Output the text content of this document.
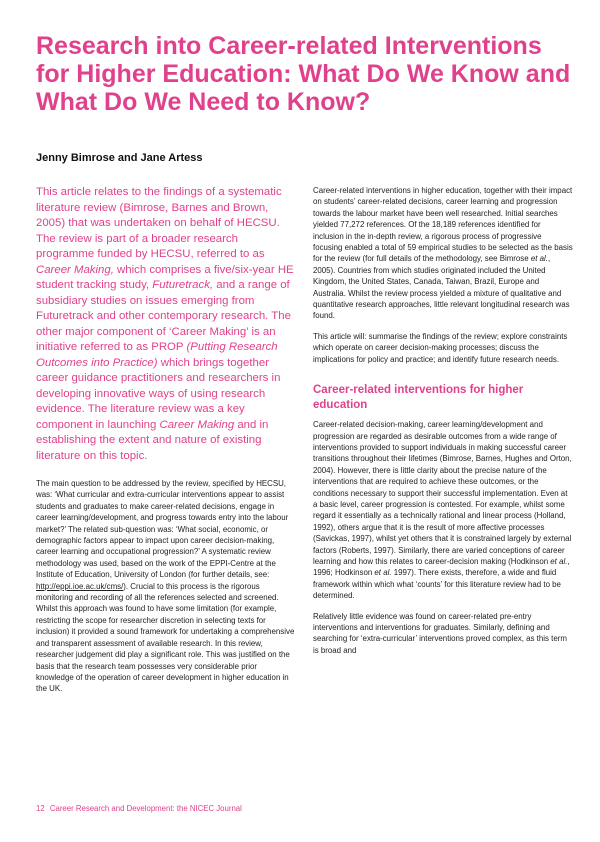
Research into Career-related Interventions for Higher Education: What Do We Know and What Do We Need to Know?

Jenny Bimrose and Jane Artess

This article relates to the findings of a systematic literature review (Bimrose, Barnes and Brown, 2005) that was undertaken on behalf of HECSU. The review is part of a broader research programme funded by HECSU, referred to as Career Making, which comprises a five/six-year HE student tracking study, Futuretrack, and a range of subsidiary studies on issues emerging from Futuretrack and other contemporary research. The other major component of ‘Career Making’ is an initiative referred to as PROP (Putting Research Outcomes into Practice) which brings together career guidance practitioners and researchers in developing innovative ways of using research evidence. The literature review was a key component in launching Career Making and in establishing the extent and nature of existing literature on this topic.

The main question to be addressed by the review, specified by HECSU, was: ‘What curricular and extra-curricular interventions appear to assist students and graduates to make career-related decisions, engage in career learning/development, and progress towards entry into the labour market?’ The related sub-question was: ‘What social, economic, or demographic factors appear to impact upon career decision-making, career learning and occupational progression?’ A systematic review methodology was used, based on the work of the EPPI-Centre at the Institute of Education, University of London (for further details, see: http://eppi.ioe.ac.uk/cms/). Crucial to this process is the rigorous monitoring and recording of all the references selected and screened. Whilst this approach was found to have some limitation (for example, restricting the scope for researcher discretion in selecting texts for inclusion) it provided a sound framework for undertaking a comprehensive and transparent assessment of available research. In this review, researcher judgement did play a significant role. This was justified on the basis that the research team possesses very considerable prior knowledge of the operation of career development in higher education in the UK.

Career-related interventions in higher education, together with their impact on students’ career-related decisions, career learning and progression towards the labour market have been well researched. Initial searches yielded 77,272 references. Of the 18,189 references identified for inclusion in the in-depth review, a rigorous process of progressive focusing enabled a total of 59 empirical studies to be selected as the basis for the review (for full details of the methodology, see Bimrose et al., 2005). Countries from which studies originated included the United Kingdom, the United States, Canada, Taiwan, Brazil, Europe and Australia. Whilst the review process yielded a mixture of qualitative and quantitative research approaches, little relevant longitudinal research was found.

This article will: summarise the findings of the review; explore constraints which operate on career decision-making processes; discuss the implications for policy and practice; and identify future research needs.

Career-related interventions for higher education

Career-related decision-making, career learning/development and progression are regarded as desirable outcomes from a wide range of interventions provided to support individuals in making successful career transitions throughout their lifetimes (Bimrose, Barnes, Hughes and Orton, 2004). However, there is little clarity about the precise nature of the interventions that are required to achieve these outcomes, or the conditions necessary to support their successful implementation. Even at a basic level, career progression is contested. For example, whilst some regard it essentially as a technically rational and linear process (Holland, 1992), others argue that it is the result of more affective processes (Savickas, 1997), whilst yet others that it is constrained largely by external factors (Roberts, 1997). Similarly, there are varied conceptions of career learning and how this relates to career-decision making (Hodkinson et al., 1996; Hodkinson et al. 1997). There exists, therefore, a wide and fluid framework within which what ‘counts’ for this literature review had to be determined.

Relatively little evidence was found on career-related pre-entry interventions and interventions for graduates. Similarly, defining and searching for ‘extra-curricular’ interventions proved complex, as this term is broad and

12 Career Research and Development: the NICEC Journal
